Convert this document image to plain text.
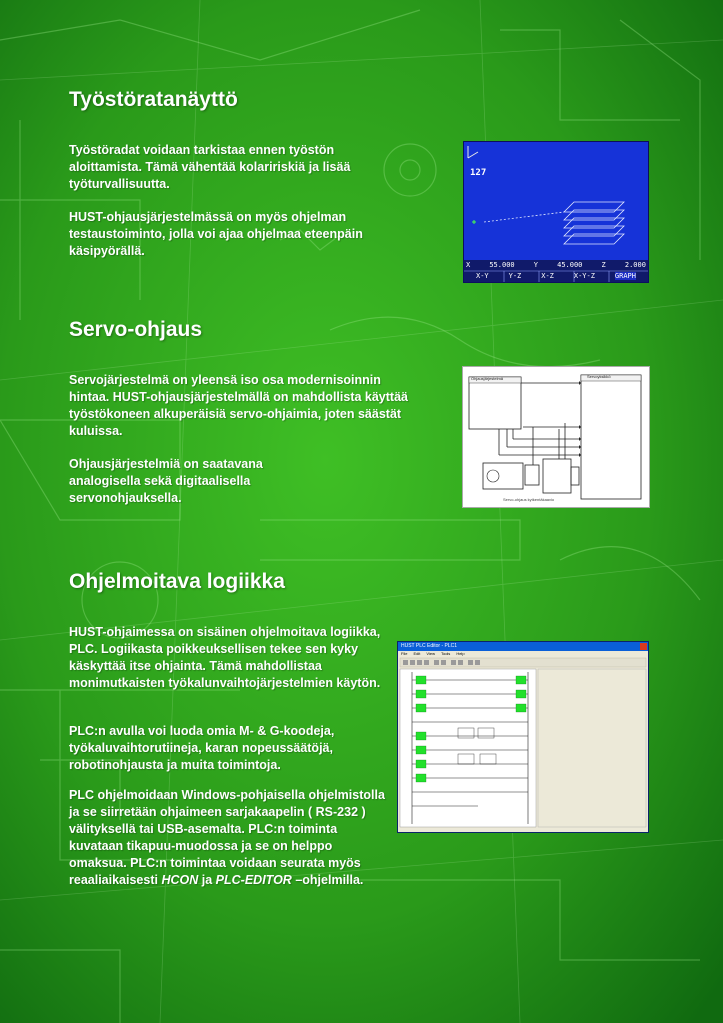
Työstöratanäyttö

Työstöradat voidaan tarkistaa ennen työstön aloittamista. Tämä vähentää kolaririskiä ja lisää työturvallisuutta.

HUST-ohjausjärjestelmässä on myös ohjelman testaustoiminto, jolla voi ajaa ohjelmaa eteenpäin käsipyörällä.

127
X	55.000	Y	45.000	Z	2.000
X-Y	Y-Z	X-Z	X-Y-Z	GRAPH
Servo-ohjaus

Servojärjestelmä on yleensä iso osa modernisoinnin hintaa. HUST-ohjausjärjestelmällä on mahdollista käyttää työstökoneen alkuperäisiä servo-ohjaimia, joten säästät kuluissa.

Ohjausjärjestelmiä on saatavana analogisella sekä digitaalisella servonohjauksella.

Ohjausjärjestelmä	Servoyksikkö
Servo-ohjaus kytkentäkaavio
Ohjelmoitava logiikka

HUST-ohjaimessa on sisäinen ohjelmoitava logiikka, PLC. Logiikasta poikkeuksellisen tekee sen kyky käskyttää itse ohjainta. Tämä mahdollistaa monimutkaisten työkalunvaihtojärjestelmien käytön.

PLC:n avulla voi luoda omia M- & G-koodeja, työkaluvaihtorutiineja, karan nopeussäätöjä, robotinohjausta ja muita toimintoja.

PLC ohjelmoidaan Windows-pohjaisella ohjelmistolla ja se siirretään ohjaimeen sarjakaapelin ( RS-232 ) välityksellä tai USB-asemalta. PLC:n toiminta kuvataan tikapuu-muodossa ja se on helppo omaksua. PLC:n toimintaa voidaan seurata myös reaaliaikaisesti HCON ja PLC-EDITOR –ohjelmilla.

HUST PLC Editor - PLC1
File Edit View Tools Help
